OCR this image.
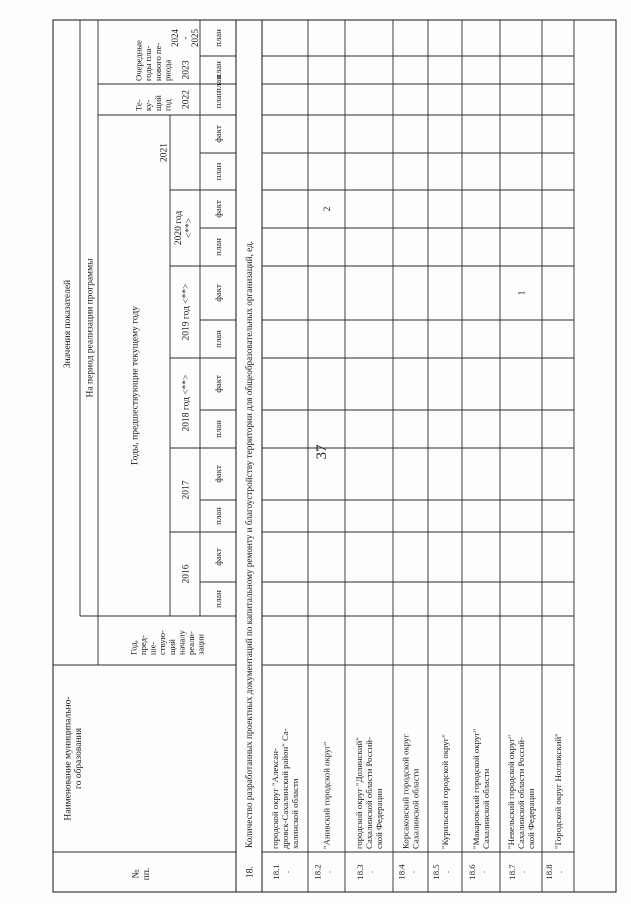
37
№пп.
Наименование муниципально-го образования
Значения показателей На период реализации программы	Годы, предшествующие текущему году
Год,пред-ше-ствую-щийначалуреали-зации
Те-ку-щийгод
Очередныегоды пла-нового пе-риода
2016
2017
2018 год <**>
2019 год <**>
2020 год<**>
2021
2022
2023
2024-2025
план
факт
план
факт
план
факт
план
факт
план
факт
план
факт
план
план
план
план
18.
Количество разработанных проектных документаций по капитальному ремонту и благоустройству территории для общеобразовательных организаций, ед.
18.1.
городской округ "Алексан-дровск-Сахалинский район" Са-халинской области
18.2.
"Анивский городской округ"
2
18.3.
городской округ "Долинский"Сахалинской области Россий-ской Федерации
18.4.
Корсаковский городской округСахалинской области
18.5.
"Курильский городской округ"
18.6.
"Макаровский городской округ"Сахалинской области
18.7.
"Невельский городской округ"Сахалинской области Россий-ской Федерации
1
18.8.
"Городской округ Ногликский"
